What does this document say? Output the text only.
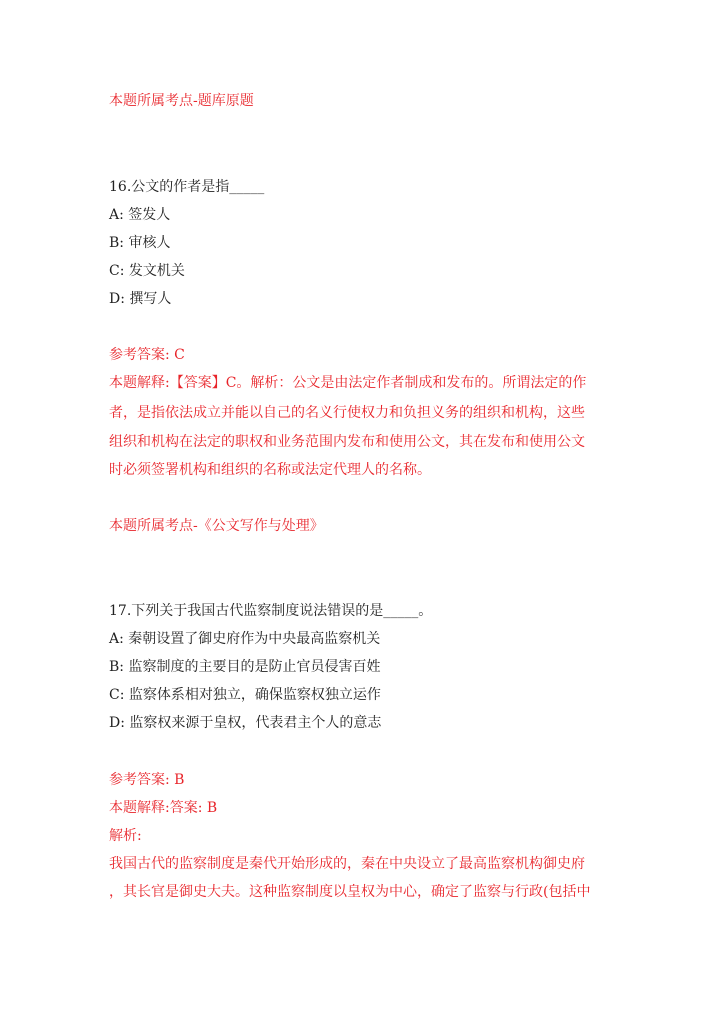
本题所属考点-题库原题
16.公文的作者是指_____
A: 签发人
B: 审核人
C: 发文机关
D: 撰写人
参考答案: C
本题解释:【答案】C。解析：公文是由法定作者制成和发布的。所谓法定的作
者，是指依法成立并能以自己的名义行使权力和负担义务的组织和机构，这些
组织和机构在法定的职权和业务范围内发布和使用公文，其在发布和使用公文
时必须签署机构和组织的名称或法定代理人的名称。
本题所属考点-《公文写作与处理》
17.下列关于我国古代监察制度说法错误的是_____。
A: 秦朝设置了御史府作为中央最高监察机关
B: 监察制度的主要目的是防止官员侵害百姓
C: 监察体系相对独立，确保监察权独立运作
D: 监察权来源于皇权，代表君主个人的意志
参考答案: B
本题解释:答案: B
解析:
我国古代的监察制度是秦代开始形成的，秦在中央设立了最高监察机构御史府
，其长官是御史大夫。这种监察制度以皇权为中心，确定了监察与行政(包括中
